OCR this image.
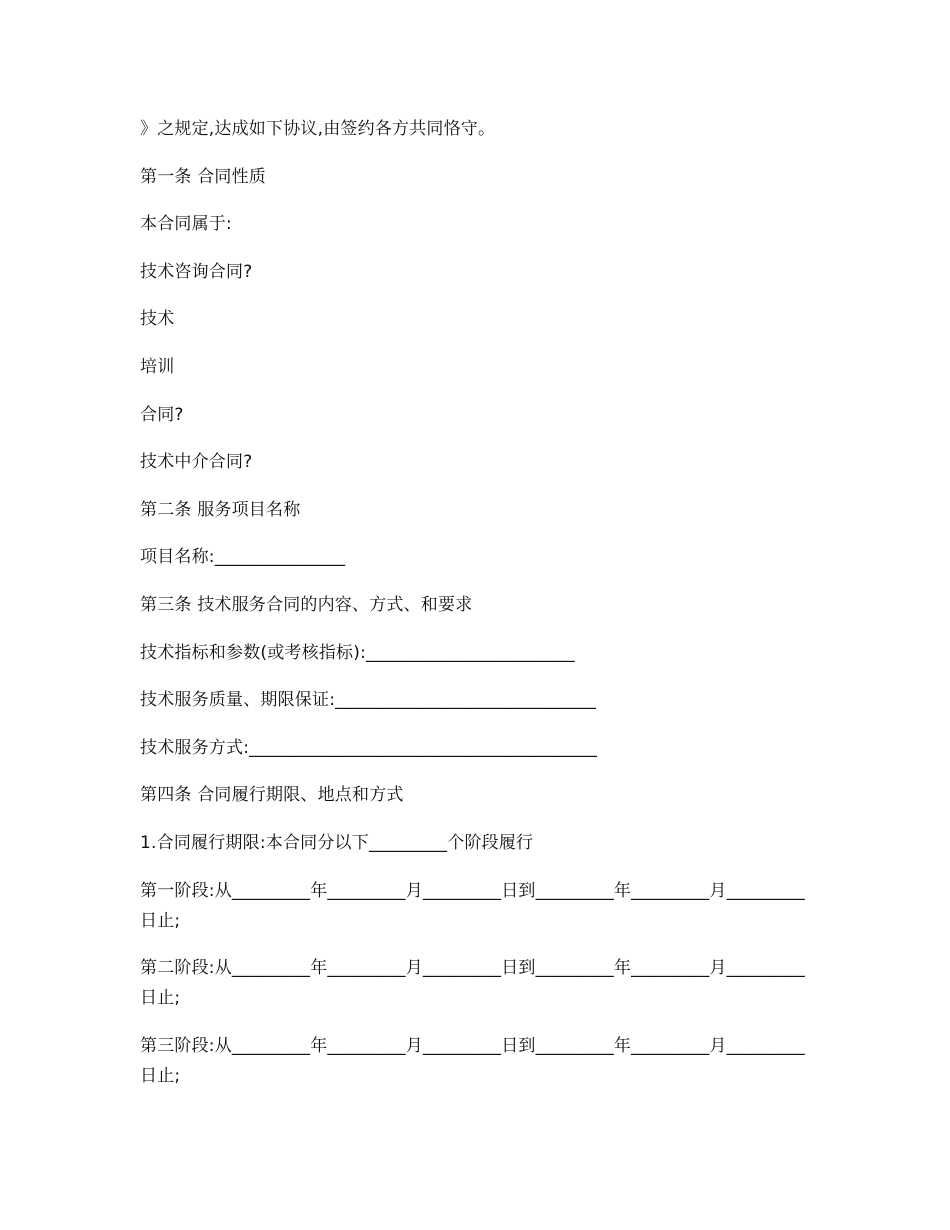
》之规定,达成如下协议,由签约各方共同恪守。

第一条 合同性质

本合同属于:

技术咨询合同?

技术

培训

合同?

技术中介合同?

第二条 服务项目名称

项目名称:_______________

第三条 技术服务合同的内容、方式、和要求

技术指标和参数(或考核指标):________________________

技术服务质量、期限保证:______________________________

技术服务方式:________________________________________

第四条 合同履行期限、地点和方式

1.合同履行期限:本合同分以下_________个阶段履行

第一阶段:从_________年_________月_________日到_________年_________月_________日止;

第二阶段:从_________年_________月_________日到_________年_________月_________日止;

第三阶段:从_________年_________月_________日到_________年_________月_________日止;
